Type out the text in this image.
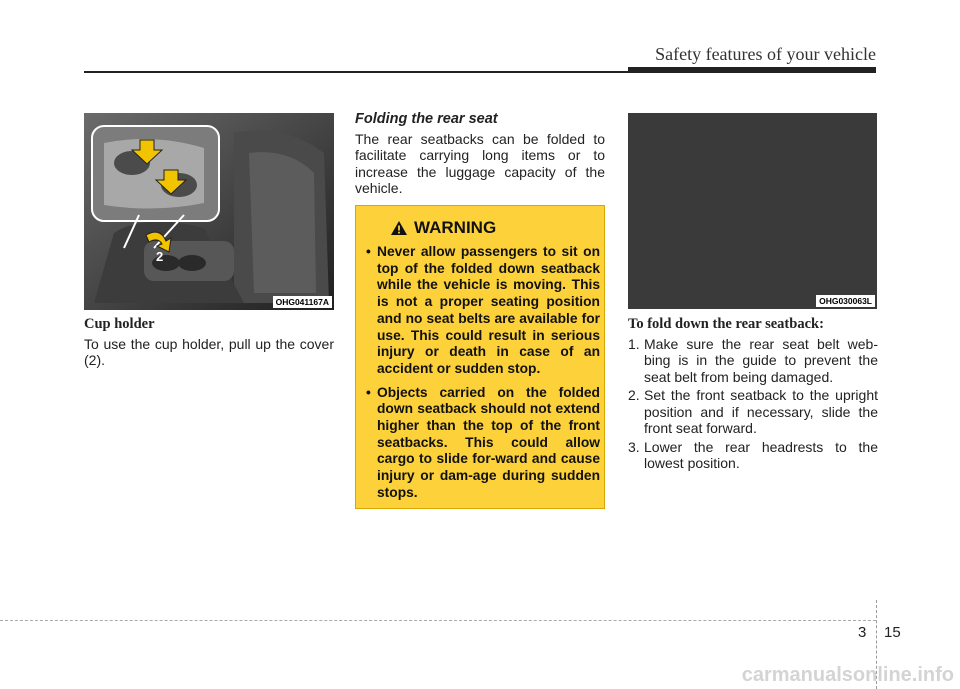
Safety features of your vehicle
2
OHG041167A
Cup holder
To use the cup holder, pull up the cover (2).
Folding the rear seat
The rear seatbacks can be folded to facilitate carrying long items or to increase the luggage capacity of the vehicle.
WARNING
• Never allow passengers to sit on top of the folded down seatback while the vehicle is moving. This is not a proper seating position and no seat belts are available for use. This could result in serious injury or death in case of an accident or sudden stop.
• Objects carried on the folded down seatback should not extend higher than the top of the front seatbacks. This could allow cargo to slide for-ward and cause injury or dam-age during sudden stops.
OHG030063L
To fold down the rear seatback:
1. Make sure the rear seat belt web-bing is in the guide to prevent the seat belt from being damaged.
2. Set the front seatback to the upright position and if necessary, slide the front seat forward.
3. Lower the rear headrests to the lowest position.
3 15
carmanualsonline.info
